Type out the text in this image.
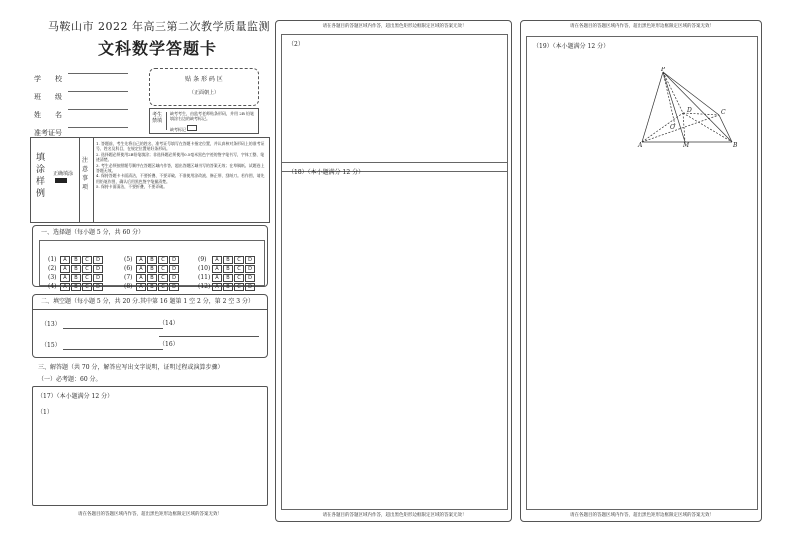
马鞍山市 2022 年高三第二次教学质量监测
文科数学答题卡
学　　校
班　　级
姓　　名
准考证号
贴 条 形 码 区
（正面朝上）
考生禁填
缺考考生，由监考老师贴条形码，并用 2B 铅笔填涂右边的缺考标记。
缺考标记
填涂样例
正确填涂
注意事项
1. 答题前，考生先将自己的姓名、准考证号填写在答题卡指定位置，并认真核对条形码上的准考证号、姓名及科目，在规定位置贴好条形码。
2. 选择题必须使用2B铅笔填涂；非选择题必须使用0.5毫米黑色字迹的签字笔书写，字体工整、笔迹清楚。
3. 考生必须按照题号顺序在答题区域内作答，超出答题区域书写的答案无效；在草稿纸、试题卷上答题无效。
4. 保持答题卡卡面清洁，不要折叠、不要弄破、不准使用涂改液、修正带、刮纸刀。若作图，请先用铅笔作图，确认后用黑色签字笔描清楚。
5. 保持卡面清洁，不要折叠，不要弄破。
一、选择题（每小题 5 分，共 60 分）
(1) A B C D
(2) A B C D
(3) A B C D
(4) A B C D
(5) A B C D
(6) A B C D
(7) A B C D
(8) A B C D
(9) A B C D
(10) A B C D
(11) A B C D
(12) A B C D
二、填空题（每小题 5 分，共 20 分.其中第 16 题第 1 空 2 分，第 2 空 3 分）
（13）	（14）
（15）	（16）
三、解答题（共 70 分，解答应写出文字说明，证明过程或演算步骤）
（一）必考题：60 分。
（17）（本小题满分 12 分）
（1）
请在各题目的答题区域内作答，超出黑色矩形边框限定区域的答案无效！
请在各题目的答题区域内作答，超出黑色矩形边框限定区域的答案无效！
（2）
（18）（本小题满分 12 分）
请在各题目的答题区域内作答，超出黑色矩形边框限定区域的答案无效！
请在各题目的答题区域内作答，超出黑色矩形边框限定区域的答案无效！
（19）（本小题满分 12 分）
P
D	C
O
A	M	B
请在各题目的答题区域内作答，超出黑色矩形边框限定区域的答案无效！
